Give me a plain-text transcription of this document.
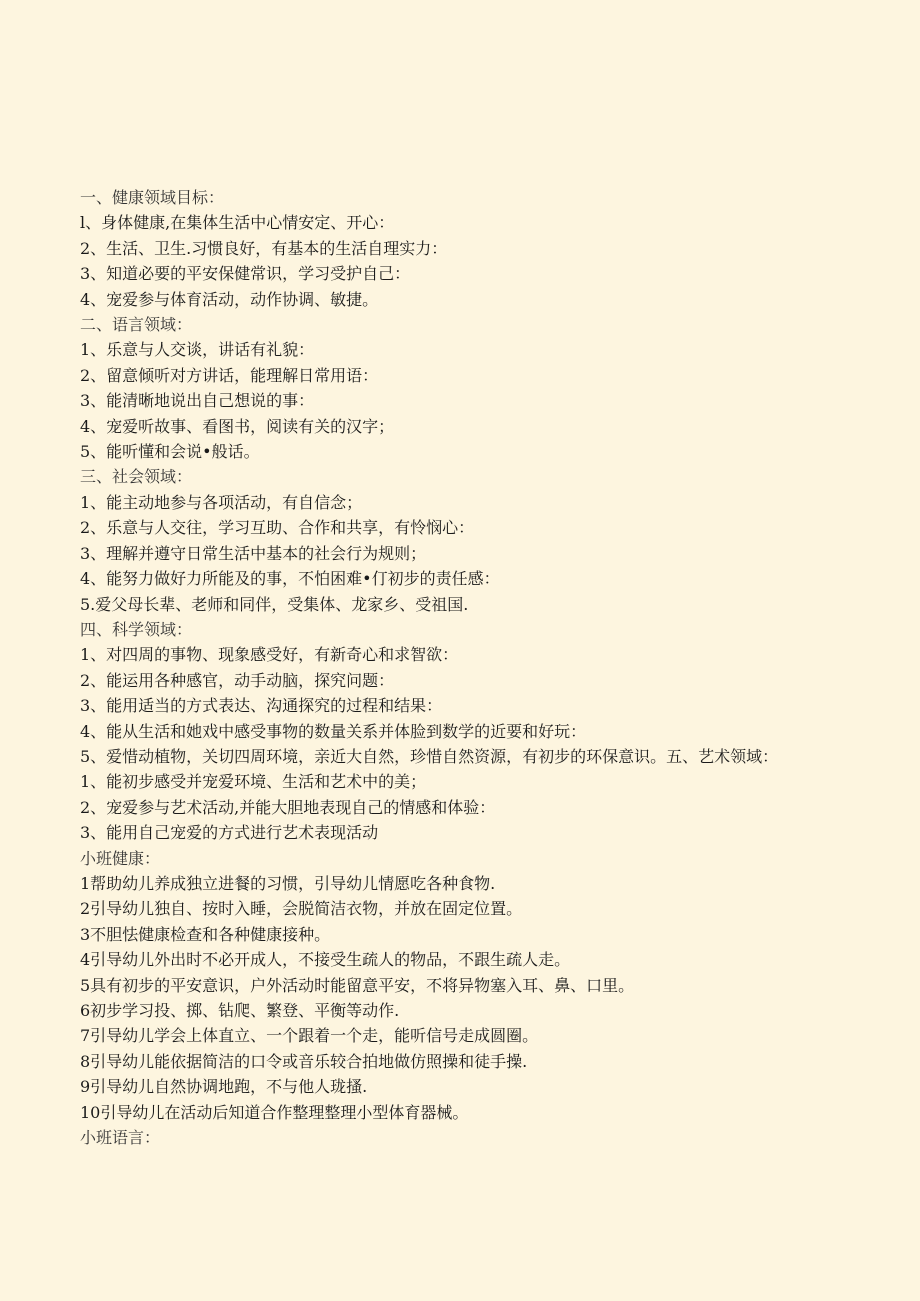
一、健康领域目标：

l、身体健康,在集体生活中心情安定、开心：

2、生活、卫生.习惯良好，有基本的生活自理实力：

3、知道必要的平安保健常识，学习受护自己：

4、宠爱参与体育活动，动作协调、敏捷。

二、语言领域：

1、乐意与人交谈，讲话有礼貌：

2、留意倾听对方讲话，能理解日常用语：

3、能清晰地说出自己想说的事：

4、宠爱听故事、看图书，阅读有关的汉字；

5、能听懂和会说•般话。

三、社会领域：

1、能主动地参与各项活动，有自信念；

2、乐意与人交往，学习互助、合作和共享，有怜悯心：

3、理解并遵守日常生活中基本的社会行为规则；

4、能努力做好力所能及的事，不怕困难•仃初步的责任感：

5.爱父母长辈、老师和同伴，受集体、龙家乡、受祖国.

四、科学领域：

1、对四周的事物、现象感受好，有新奇心和求智欲：

2、能运用各种感官，动手动脑，探究问题：

3、能用适当的方式表达、沟通探究的过程和结果：

4、能从生活和她戏中感受事物的数量关系并体脸到数学的近要和好玩：

5、爱惜动植物，关切四周环境，亲近大自然，珍惜自然资源，有初步的环保意识。五、艺术领域：

1、能初步感受并宠爱环境、生活和艺术中的美；

2、宠爱参与艺术活动,并能大胆地表现自己的情感和体验：

3、能用自己宠爱的方式进行艺术表现活动

小班健康：

1帮助幼儿养成独立进餐的习惯，引导幼儿情愿吃各种食物.

2引导幼儿独自、按时入睡，会脱简洁衣物，并放在固定位置。

3不胆怯健康检查和各种健康接种。

4引导幼儿外出时不必开成人，不接受生疏人的物品，不跟生疏人走。

5具有初步的平安意识，户外活动时能留意平安，不将异物塞入耳、鼻、口里。

6初步学习投、掷、钻爬、繁登、平衡等动作.

7引导幼儿学会上体直立、一个跟着一个走，能听信号走成圆圈。

8引导幼儿能依据简洁的口令或音乐较合拍地做仿照操和徒手操.

9引导幼儿自然协调地跑，不与他人珑搔.

10引导幼儿在活动后知道合作整理整理小型体育器械。

小班语言：
